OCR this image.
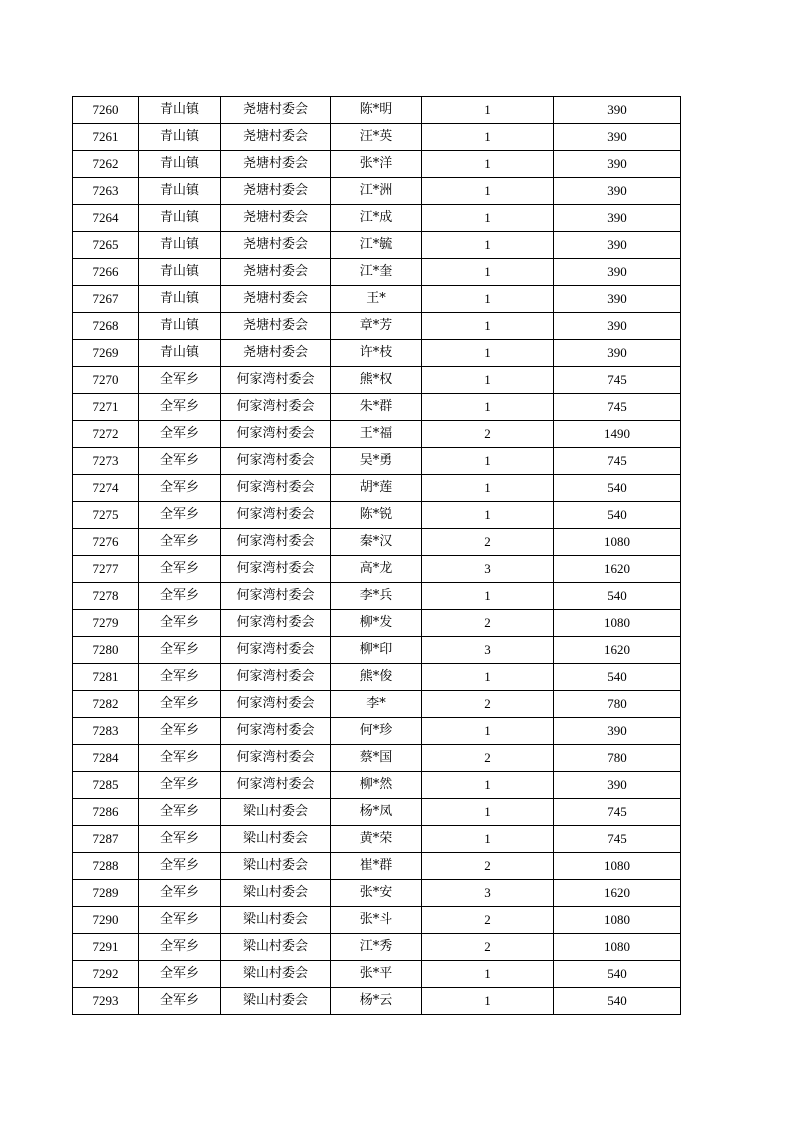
7260	青山镇	尧塘村委会	陈*明	1	390
7261	青山镇	尧塘村委会	汪*英	1	390
7262	青山镇	尧塘村委会	张*洋	1	390
7263	青山镇	尧塘村委会	江*洲	1	390
7264	青山镇	尧塘村委会	江*成	1	390
7265	青山镇	尧塘村委会	江*毓	1	390
7266	青山镇	尧塘村委会	江*奎	1	390
7267	青山镇	尧塘村委会	王*	1	390
7268	青山镇	尧塘村委会	章*芳	1	390
7269	青山镇	尧塘村委会	许*枝	1	390
7270	全军乡	何家湾村委会	熊*权	1	745
7271	全军乡	何家湾村委会	朱*群	1	745
7272	全军乡	何家湾村委会	王*福	2	1490
7273	全军乡	何家湾村委会	吴*勇	1	745
7274	全军乡	何家湾村委会	胡*莲	1	540
7275	全军乡	何家湾村委会	陈*锐	1	540
7276	全军乡	何家湾村委会	秦*汉	2	1080
7277	全军乡	何家湾村委会	高*龙	3	1620
7278	全军乡	何家湾村委会	李*兵	1	540
7279	全军乡	何家湾村委会	柳*发	2	1080
7280	全军乡	何家湾村委会	柳*印	3	1620
7281	全军乡	何家湾村委会	熊*俊	1	540
7282	全军乡	何家湾村委会	李*	2	780
7283	全军乡	何家湾村委会	何*珍	1	390
7284	全军乡	何家湾村委会	蔡*国	2	780
7285	全军乡	何家湾村委会	柳*然	1	390
7286	全军乡	梁山村委会	杨*凤	1	745
7287	全军乡	梁山村委会	黄*荣	1	745
7288	全军乡	梁山村委会	崔*群	2	1080
7289	全军乡	梁山村委会	张*安	3	1620
7290	全军乡	梁山村委会	张*斗	2	1080
7291	全军乡	梁山村委会	江*秀	2	1080
7292	全军乡	梁山村委会	张*平	1	540
7293	全军乡	梁山村委会	杨*云	1	540
